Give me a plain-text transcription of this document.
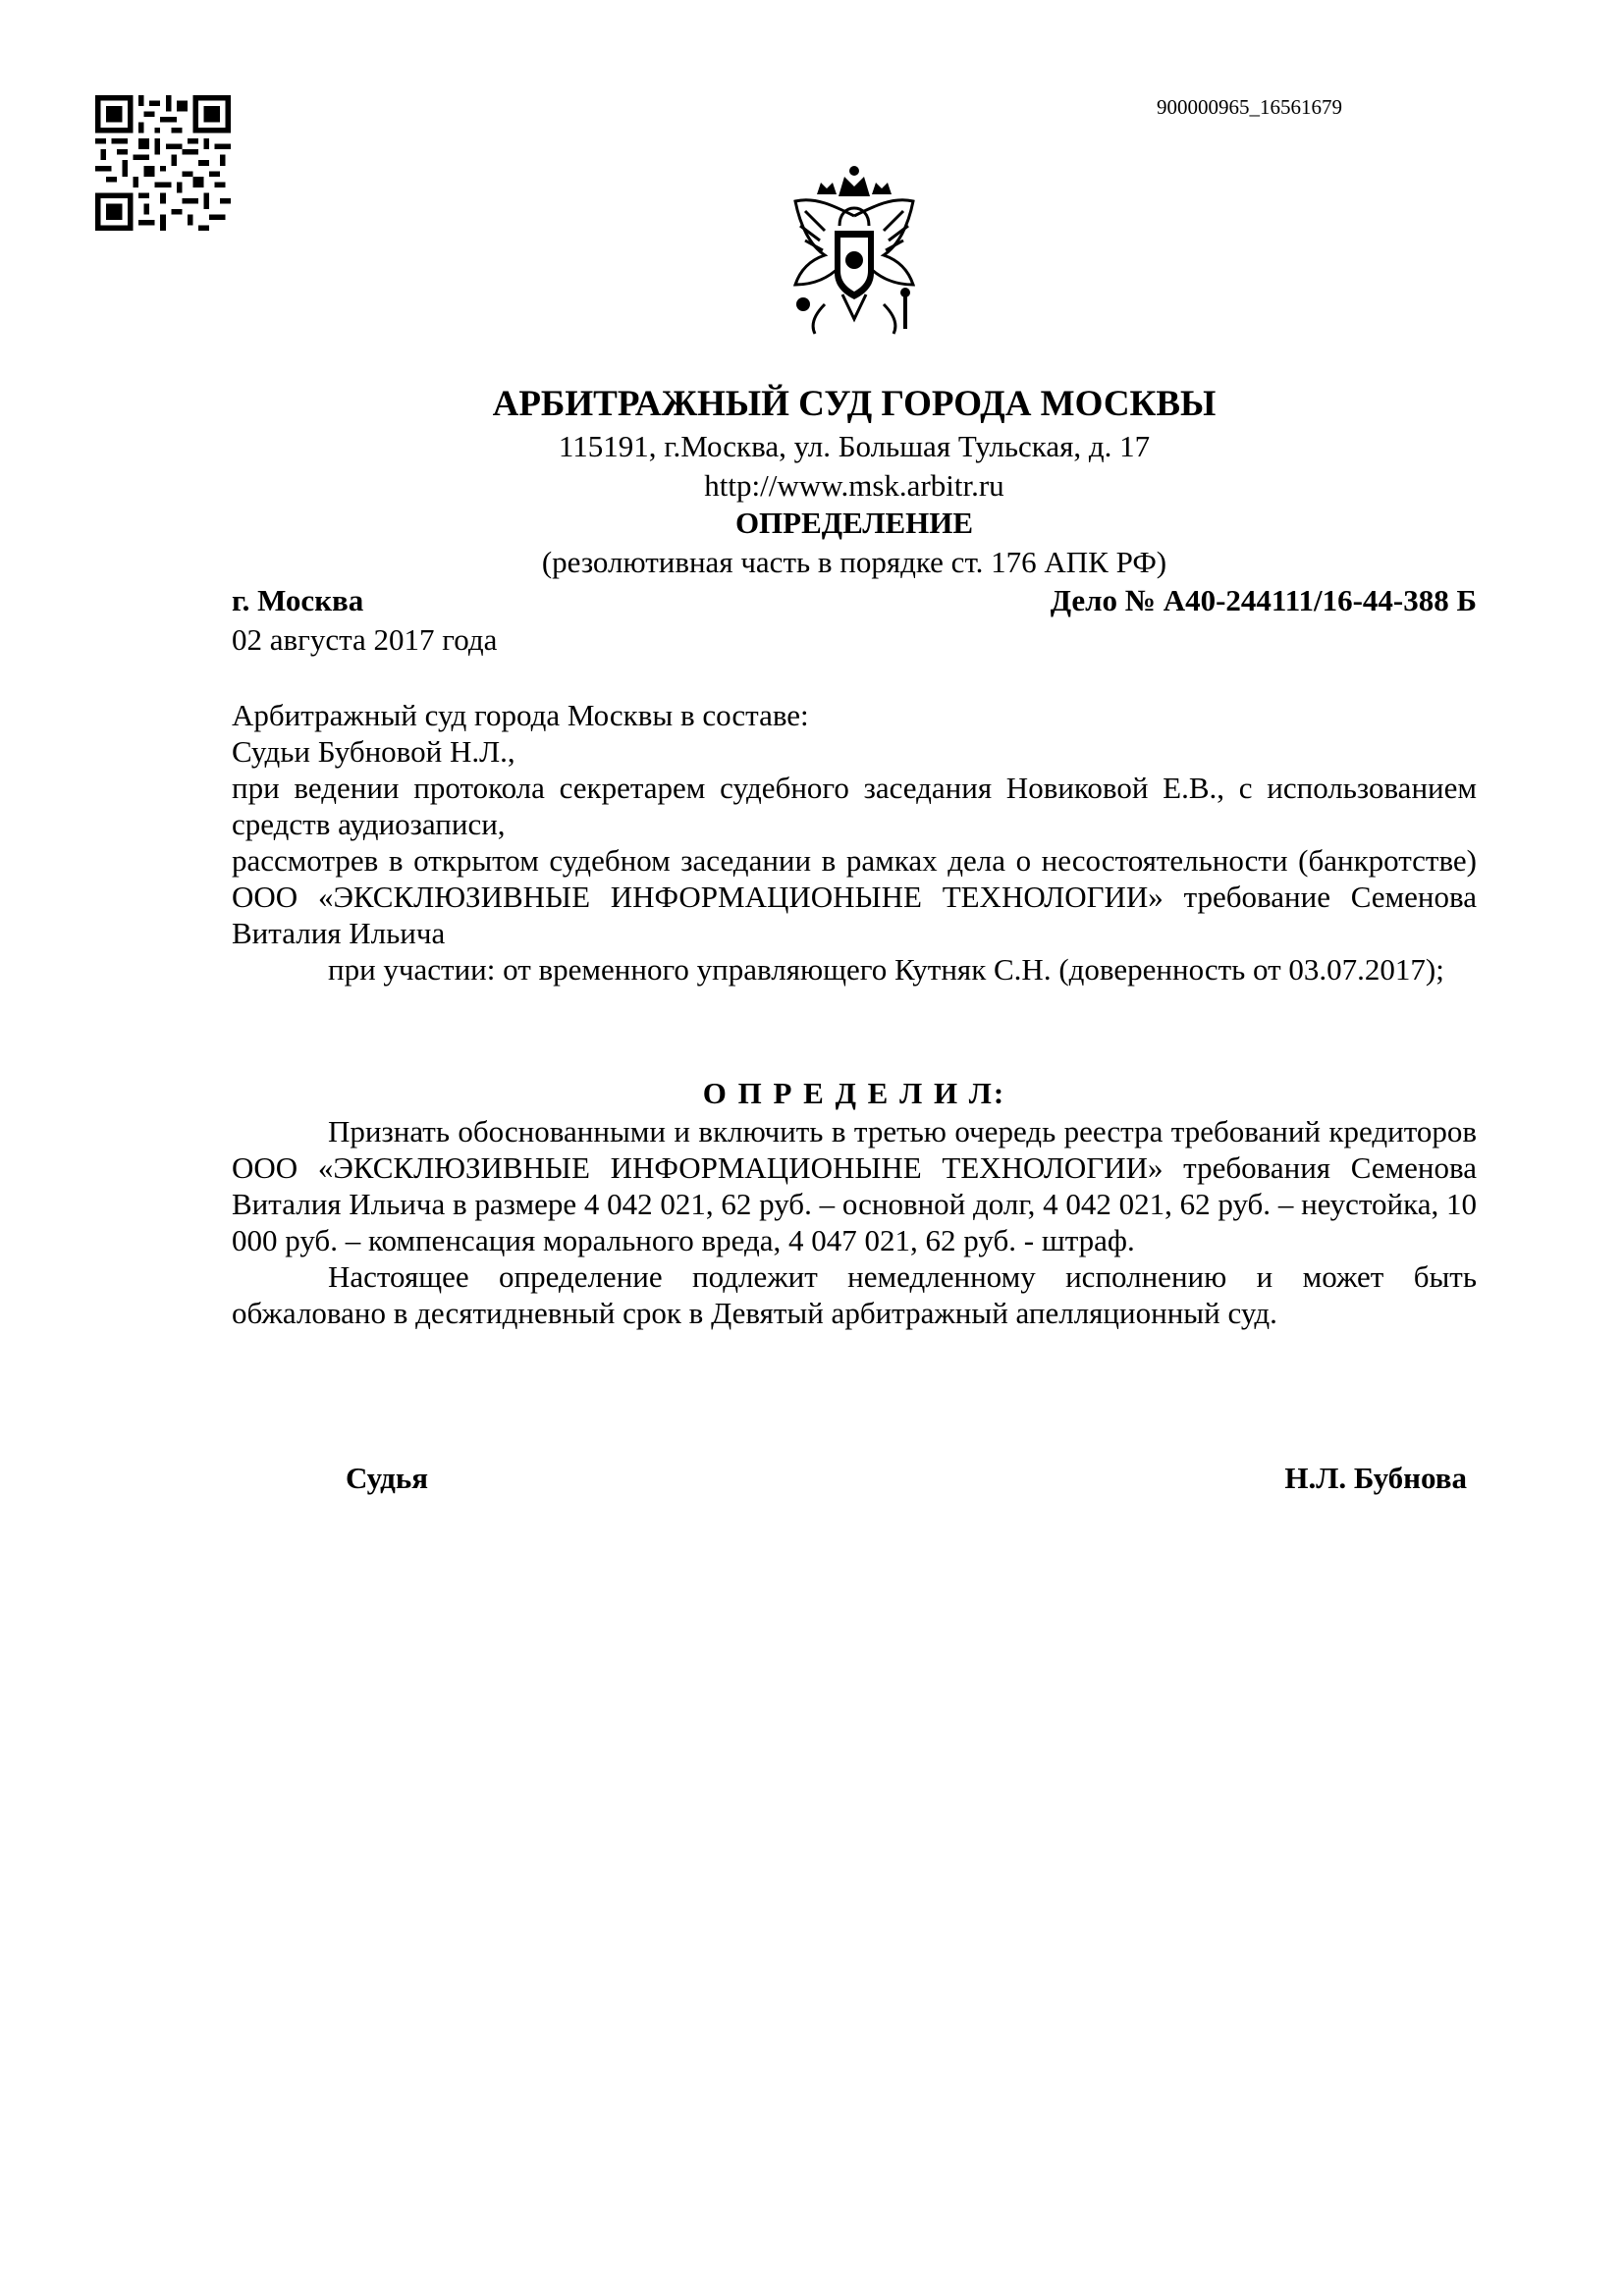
900000965_16561679
АРБИТРАЖНЫЙ СУД ГОРОДА МОСКВЫ
115191, г.Москва, ул. Большая Тульская, д. 17
http://www.msk.arbitr.ru
ОПРЕДЕЛЕНИЕ
(резолютивная часть в порядке ст. 176 АПК РФ)
г. Москва	Дело № А40-244111/16-44-388 Б
02 августа 2017 года

Арбитражный суд города Москвы в составе:

Судьи Бубновой Н.Л.,

при ведении протокола секретарем судебного заседания Новиковой Е.В., с использованием средств аудиозаписи,

рассмотрев в открытом судебном заседании в рамках дела о несостоятельности (банкротстве) ООО «ЭКСКЛЮЗИВНЫЕ ИНФОРМАЦИОНЫНЕ ТЕХНОЛОГИИ» требование Семенова Виталия Ильича

при участии: от временного управляющего Кутняк С.Н. (доверенность от 03.07.2017);

О П Р Е Д Е Л И Л:

Признать обоснованными и включить в третью очередь реестра требований кредиторов ООО «ЭКСКЛЮЗИВНЫЕ ИНФОРМАЦИОНЫНЕ ТЕХНОЛОГИИ» требования Семенова Виталия Ильича в размере 4 042 021, 62 руб. – основной долг, 4 042 021, 62 руб. – неустойка, 10 000 руб. – компенсация морального вреда, 4 047 021, 62 руб. - штраф.

Настоящее определение подлежит немедленному исполнению и может быть обжаловано в десятидневный срок в Девятый арбитражный апелляционный суд.

Судья	Н.Л. Бубнова
